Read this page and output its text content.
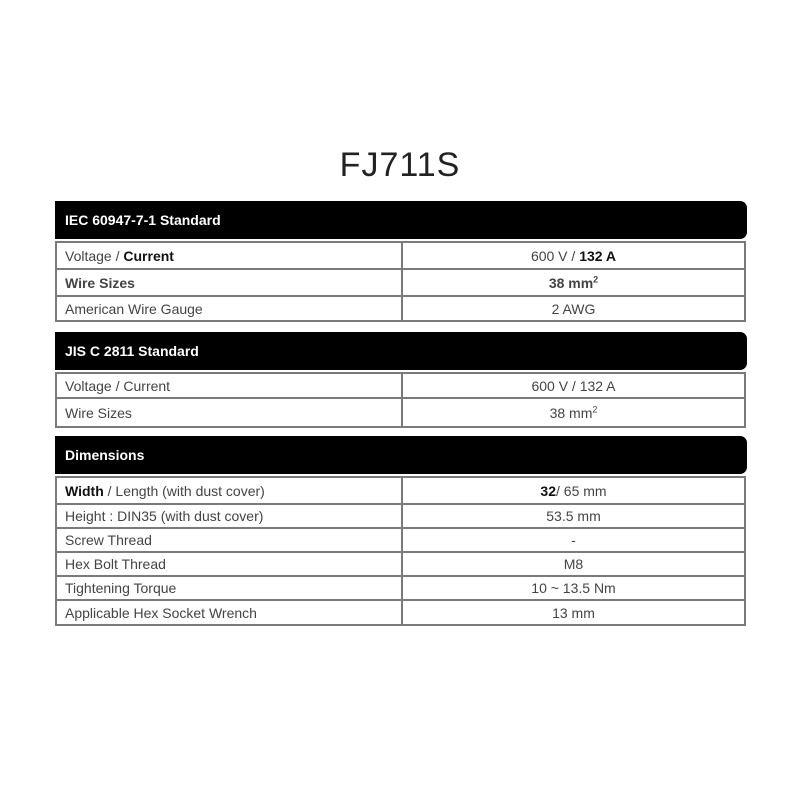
FJ711S
IEC 60947-7-1 Standard
Voltage / Current	600 V / 132 A
Wire Sizes	38 $mm^2$
American Wire Gauge	2 AWG
JIS C 2811 Standard
Voltage / Current	600 V / 132 A
Wire Sizes	38 $mm^2$
Dimensions
Width / Length (with dust cover)	32/ 65 mm
Height : DIN35 (with dust cover)	53.5 mm
Screw Thread	-
Hex Bolt Thread	M8
Tightening Torque	10 ~ 13.5 Nm
Applicable Hex Socket Wrench	13 mm
